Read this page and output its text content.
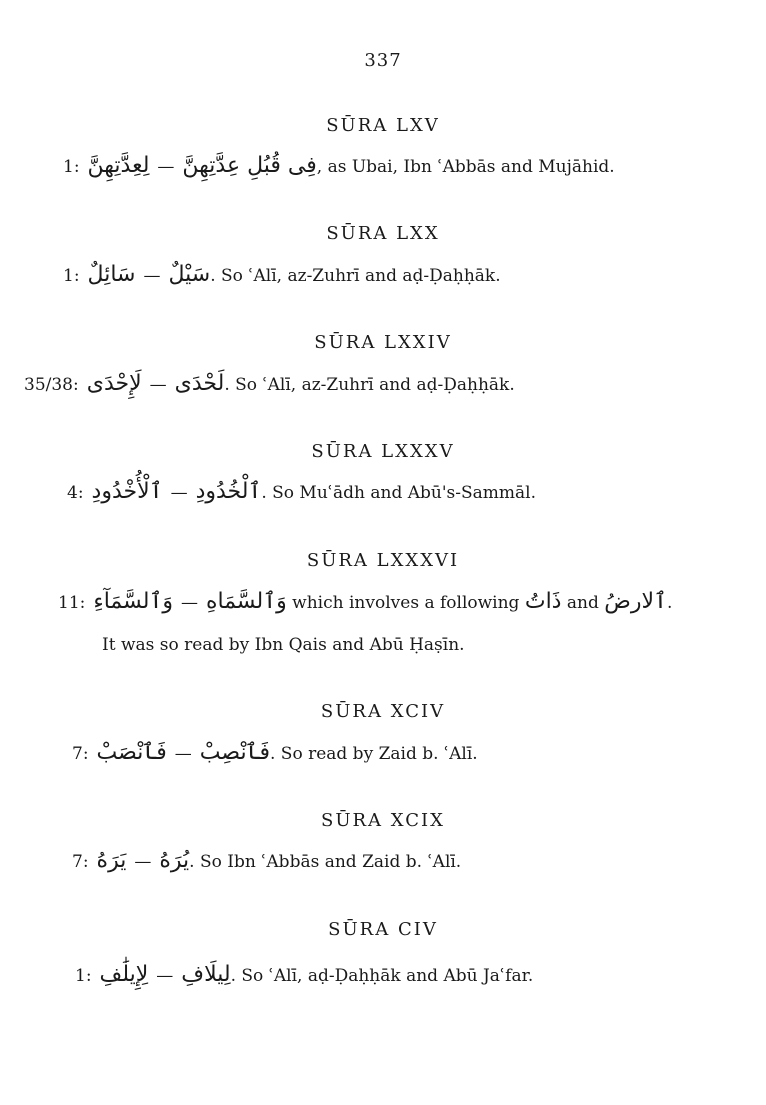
337
SŪRA LXV
1: لِعِدَّتِهِنَّ — فِى قُبُلِ عِدَّتِهِنَّ, as Ubai, Ibn ʿAbbās and Mujāhid.
SŪRA LXX
1: سَائِلٌ — سَيْلٌ. So ʿAlī, az-Zuhrī and aḍ-Ḍaḥḥāk.
SŪRA LXXIV
35/38: لَإِحْدَى — لَحْدَى. So ʿAlī, az-Zuhrī and aḍ-Ḍaḥḥāk.
SŪRA LXXXV
4: ٱلْأُخْدُودِ — ٱلْخُدُودِ. So Muʿādh and Abū's-Sammāl.
SŪRA LXXXVI
11: وَٱلسَّمَآءِ — وَٱلسَّمَاهِ which involves a following ذَاتُ and ٱلارضُ.
It was so read by Ibn Qais and Abū Ḥaṣīn.
SŪRA XCIV
7: فَٱنْصَبْ — فَٱنْصِبْ. So read by Zaid b. ʿAlī.
SŪRA XCIX
7: يَرَهُ — يُرَهُ. So Ibn ʿAbbās and Zaid b. ʿAlī.
SŪRA CIV
1: لِإِيلَٰفِ — لِيلَافِ. So ʿAlī, aḍ-Ḍaḥḥāk and Abū Jaʿfar.
